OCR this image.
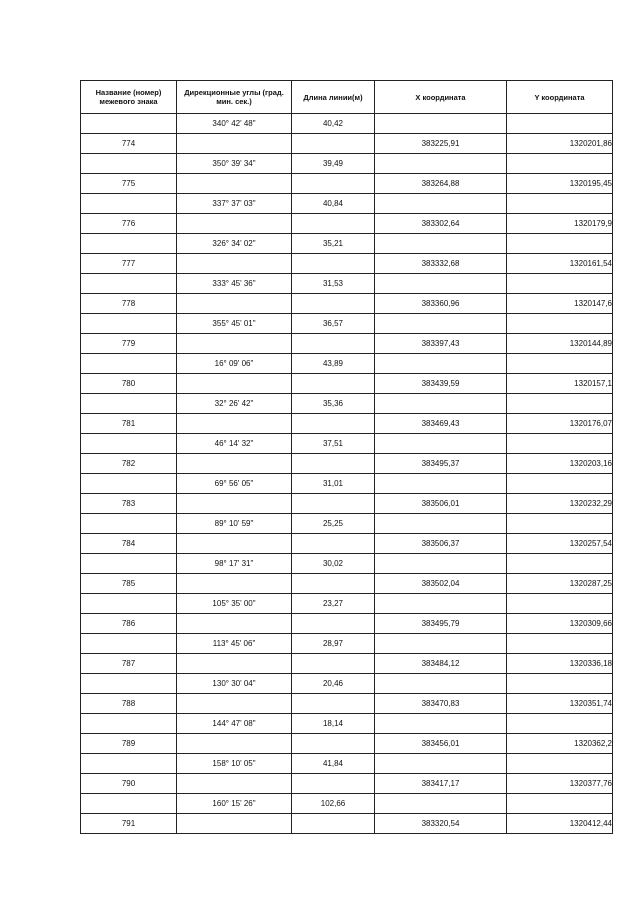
Название (номер) межевого знака	Дирекционные углы (град. мин. сек.)	Длина линии(м)	X координата	Y координата
	340° 42' 48"	40,42		
774			383225,91	1320201,86
	350° 39' 34"	39,49		
775			383264,88	1320195,45
	337° 37' 03"	40,84		
776			383302,64	1320179,9
	326° 34' 02"	35,21		
777			383332,68	1320161,54
	333° 45' 36"	31,53		
778			383360,96	1320147,6
	355° 45' 01"	36,57		
779			383397,43	1320144,89
	16° 09' 06"	43,89		
780			383439,59	1320157,1
	32° 26' 42"	35,36		
781			383469,43	1320176,07
	46° 14' 32"	37,51		
782			383495,37	1320203,16
	69° 56' 05"	31,01		
783			383506,01	1320232,29
	89° 10' 59"	25,25		
784			383506,37	1320257,54
	98° 17' 31"	30,02		
785			383502,04	1320287,25
	105° 35' 00"	23,27		
786			383495,79	1320309,66
	113° 45' 06"	28,97		
787			383484,12	1320336,18
	130° 30' 04"	20,46		
788			383470,83	1320351,74
	144° 47' 08"	18,14		
789			383456,01	1320362,2
	158° 10' 05"	41,84		
790			383417,17	1320377,76
	160° 15' 26"	102,66		
791			383320,54	1320412,44
